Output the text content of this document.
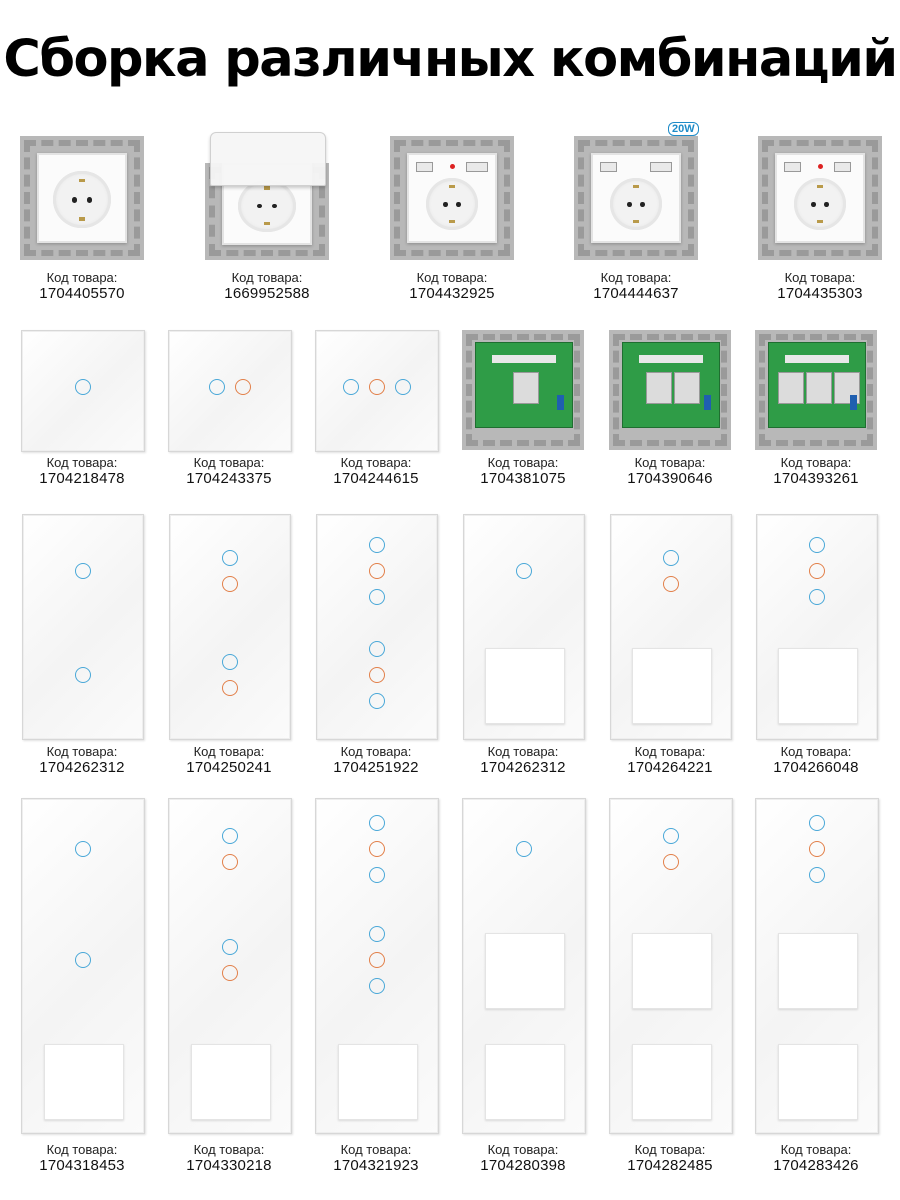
Сборка различных комбинаций
Код товара:
1704405570
Код товара:
1669952588
Код товара:
1704432925
20W
Код товара:
1704444637
Код товара:
1704435303
Код товара:
1704218478
Код товара:
1704243375
Код товара:
1704244615
Код товара:
1704381075
Код товара:
1704390646
Код товара:
1704393261
Код товара:
1704262312
Код товара:
1704250241
Код товара:
1704251922
Код товара:
1704262312
Код товара:
1704264221
Код товара:
1704266048
Код товара:
1704318453
Код товара:
1704330218
Код товара:
1704321923
Код товара:
1704280398
Код товара:
1704282485
Код товара:
1704283426
